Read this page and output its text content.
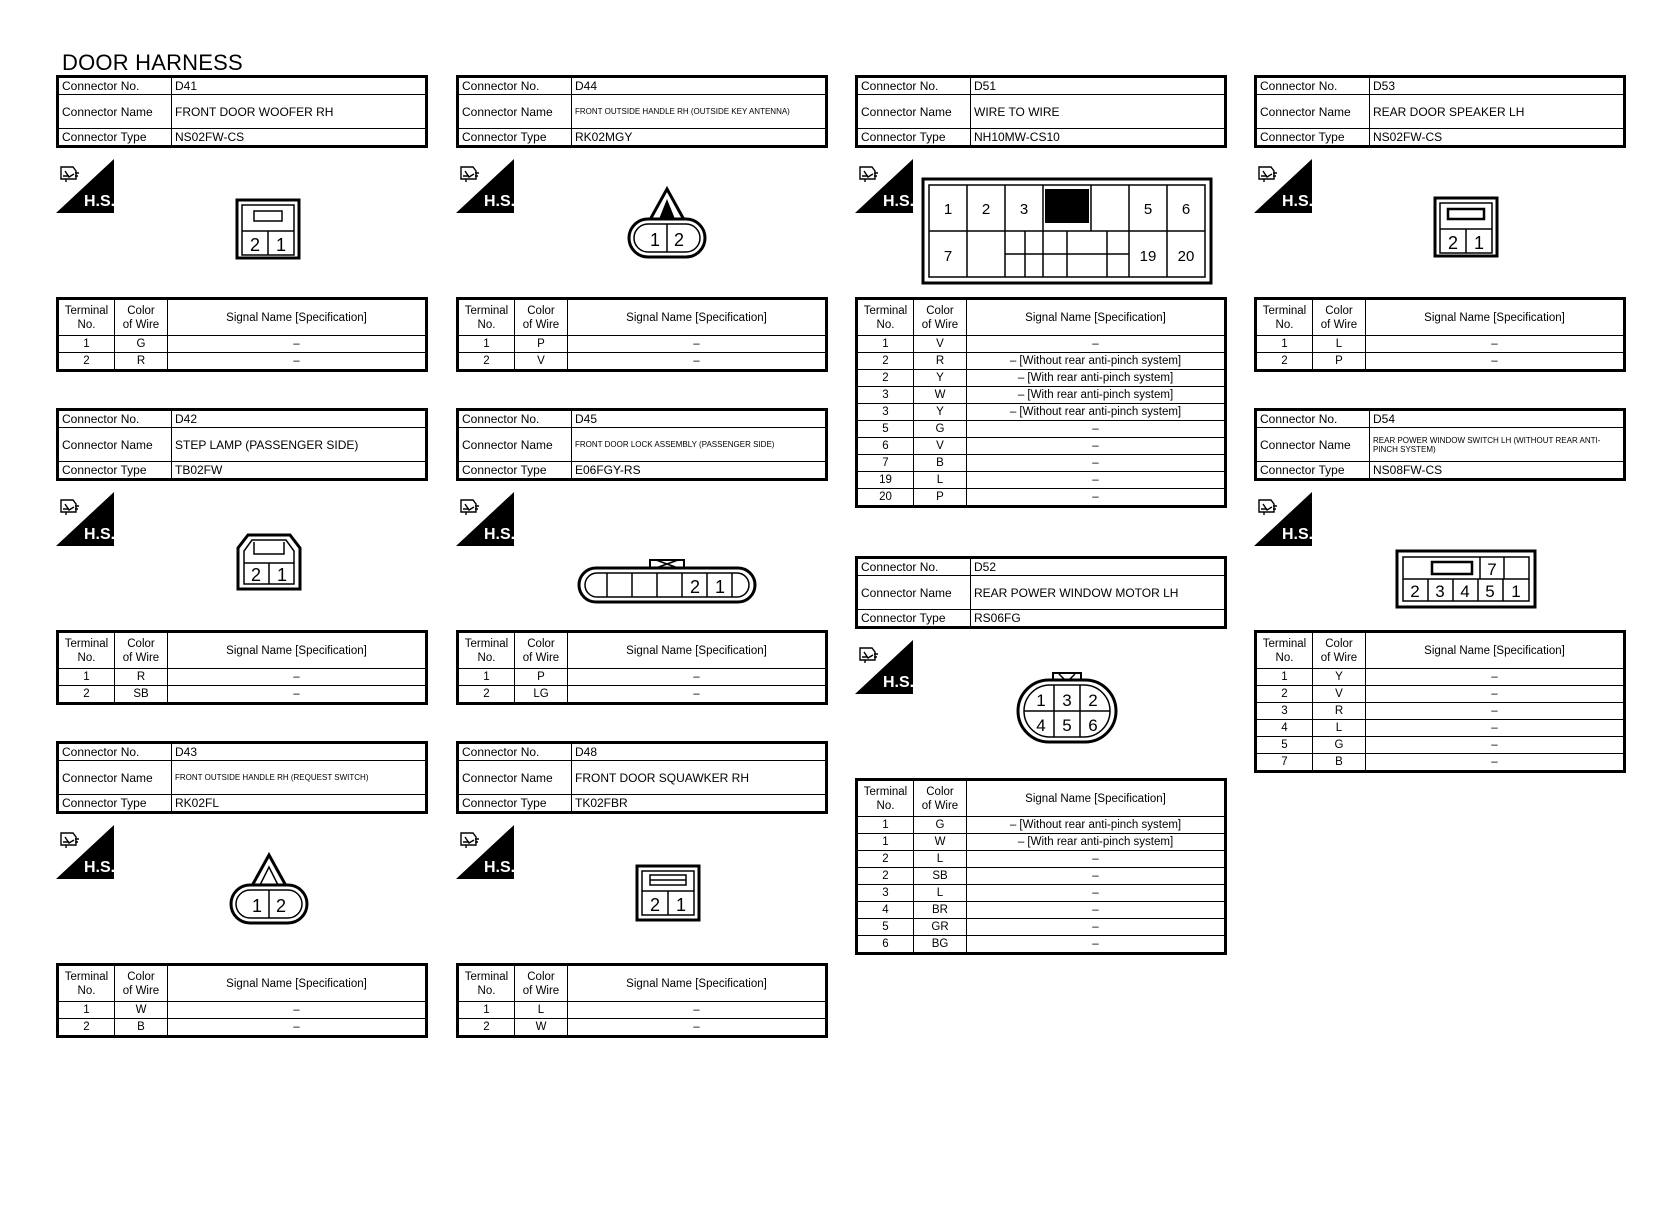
DOOR HARNESS
Connector No.	D41
Connector Name	FRONT DOOR WOOFER RH
Connector Type	NS02FW-CS
2 1
Terminal
No.	Color
of Wire	Signal Name [Specification]
1	G	–
2	R	–
Connector No.	D44
Connector Name	FRONT OUTSIDE HANDLE RH (OUTSIDE KEY ANTENNA)
Connector Type	RK02MGY
1 2
Terminal
No.	Color
of Wire	Signal Name [Specification]
1	P	–
2	V	–
Connector No.	D51
Connector Name	WIRE TO WIRE
Connector Type	NH10MW-CS10
1 2 3	5 6
7	19 20
Terminal
No.	Color
of Wire	Signal Name [Specification]
1	V	–
2	R	– [Without rear anti-pinch system]
2	Y	– [With rear anti-pinch system]
3	W	– [With rear anti-pinch system]
3	Y	– [Without rear anti-pinch system]
5	G	–
6	V	–
7	B	–
19	L	–
20	P	–
Connector No.	D53
Connector Name	REAR DOOR SPEAKER LH
Connector Type	NS02FW-CS
2 1
Terminal
No.	Color
of Wire	Signal Name [Specification]
1	L	–
2	P	–
Connector No.	D42
Connector Name	STEP LAMP (PASSENGER SIDE)
Connector Type	TB02FW
2 1
Terminal
No.	Color
of Wire	Signal Name [Specification]
1	R	–
2	SB	–
Connector No.	D45
Connector Name	FRONT DOOR LOCK ASSEMBLY (PASSENGER SIDE)
Connector Type	E06FGY-RS
2 1
Terminal
No.	Color
of Wire	Signal Name [Specification]
1	P	–
2	LG	–
Connector No.	D54
Connector Name	REAR POWER WINDOW SWITCH LH (WITHOUT REAR ANTI-PINCH SYSTEM)
Connector Type	NS08FW-CS
7
2 3 4 5 1
Terminal
No.	Color
of Wire	Signal Name [Specification]
1	Y	–
2	V	–
3	R	–
4	L	–
5	G	–
7	B	–
Connector No.	D52
Connector Name	REAR POWER WINDOW MOTOR LH
Connector Type	RS06FG
1 3 2
4 5 6
Terminal
No.	Color
of Wire	Signal Name [Specification]
1	G	– [Without rear anti-pinch system]
1	W	– [With rear anti-pinch system]
2	L	–
2	SB	–
3	L	–
4	BR	–
5	GR	–
6	BG	–
Connector No.	D43
Connector Name	FRONT OUTSIDE HANDLE RH (REQUEST SWITCH)
Connector Type	RK02FL
1 2
Terminal
No.	Color
of Wire	Signal Name [Specification]
1	W	–
2	B	–
Connector No.	D48
Connector Name	FRONT DOOR SQUAWKER RH
Connector Type	TK02FBR
2 1
Terminal
No.	Color
of Wire	Signal Name [Specification]
1	L	–
2	W	–
